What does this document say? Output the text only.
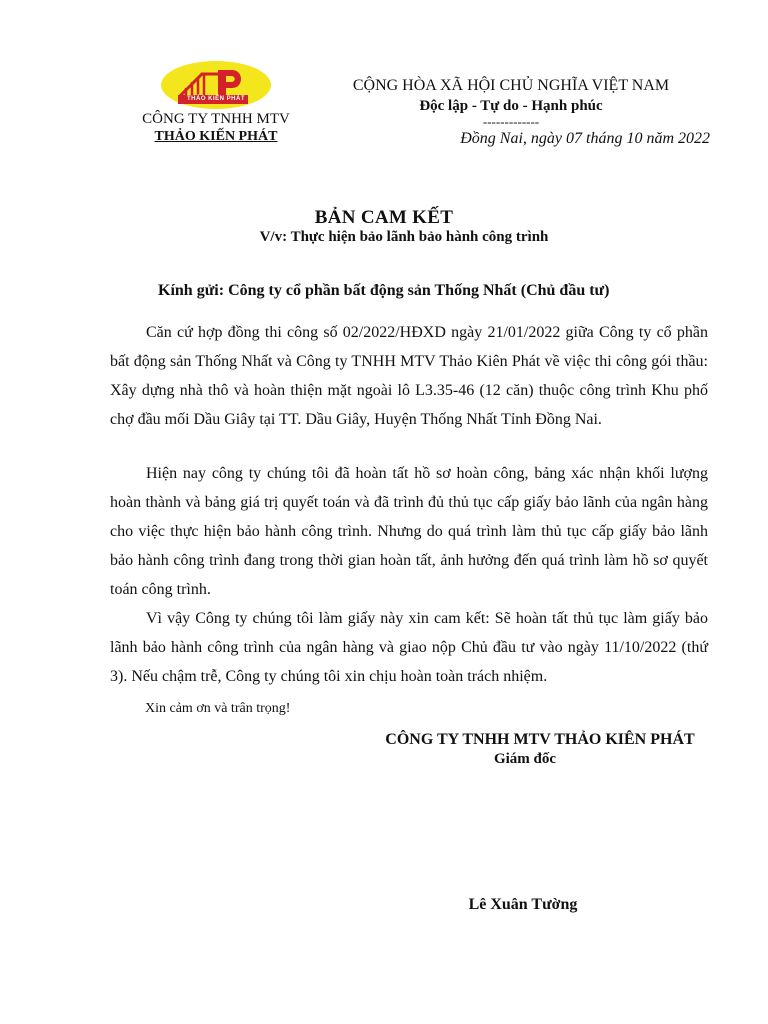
THẢO KIẾN PHÁT
CÔNG TY TNHH MTV
THẢO KIẾN PHÁT
CỘNG HÒA XÃ HỘI CHỦ NGHĨA VIỆT NAM
Độc lập - Tự do - Hạnh phúc
-------------
Đồng Nai, ngày 07 tháng 10 năm 2022
BẢN CAM KẾT
V/v: Thực hiện bảo lãnh bảo hành công trình
Kính gửi: Công ty cổ phần bất động sản Thống Nhất (Chủ đầu tư)
Căn cứ hợp đồng thi công số 02/2022/HĐXD ngày 21/01/2022 giữa Công ty cổ phần bất động sản Thống Nhất và Công ty TNHH MTV Thảo Kiên Phát về việc thi công gói thầu: Xây dựng nhà thô và hoàn thiện mặt ngoài lô L3.35-46 (12 căn) thuộc công trình Khu phố chợ đầu mối Dầu Giây tại TT. Dầu Giây, Huyện Thống Nhất Tỉnh Đồng Nai.
Hiện nay công ty chúng tôi đã hoàn tất hồ sơ hoàn công, bảng xác nhận khối lượng hoàn thành và bảng giá trị quyết toán và đã trình đủ thủ tục cấp giấy bảo lãnh của ngân hàng cho việc thực hiện bảo hành công trình. Nhưng do quá trình làm thủ tục cấp giấy bảo lãnh bảo hành công trình đang trong thời gian hoàn tất, ảnh hưởng đến quá trình làm hồ sơ quyết toán công trình.
Vì vậy Công ty chúng tôi làm giấy này xin cam kết: Sẽ hoàn tất thủ tục làm giấy bảo lãnh bảo hành công trình của ngân hàng và giao nộp Chủ đầu tư vào ngày 11/10/2022 (thứ 3). Nếu chậm trễ, Công ty chúng tôi xin chịu hoàn toàn trách nhiệm.
Xin cảm ơn và trân trọng!
CÔNG TY TNHH MTV THẢO KIÊN PHÁT
Giám đốc
Lê Xuân Tường
